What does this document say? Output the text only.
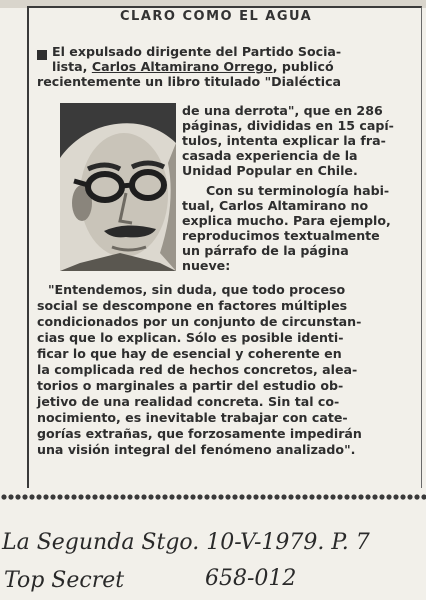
CLARO COMO EL AGUA
El expulsado dirigente del Partido Socia-
lista, Carlos Altamirano Orrego, publicó
recientemente un libro titulado "Dialéctica
de una derrota", que en 286
páginas, divididas en 15 capí-
tulos, intenta explicar la fra-
casada experiencia de la
Unidad Popular en Chile.
Con su terminología habi-
tual, Carlos Altamirano no
explica mucho. Para ejemplo,
reproducimos textualmente
un párrafo de la página
nueve:
"Entendemos, sin duda, que todo proceso
social se descompone en factores múltiples
condicionados por un conjunto de circunstan-
cias que lo explican. Sólo es posible identi-
ficar lo que hay de esencial y coherente en
la complicada red de hechos concretos, alea-
torios o marginales a partir del estudio ob-
jetivo de una realidad concreta. Sin tal co-
nocimiento, es inevitable trabajar con cate-
gorías extrañas, que forzosamente impedirán
una visión integral del fenómeno analizado".
La Segunda Stgo. 10-V-1979. P. 7
Top Secret	658-012
